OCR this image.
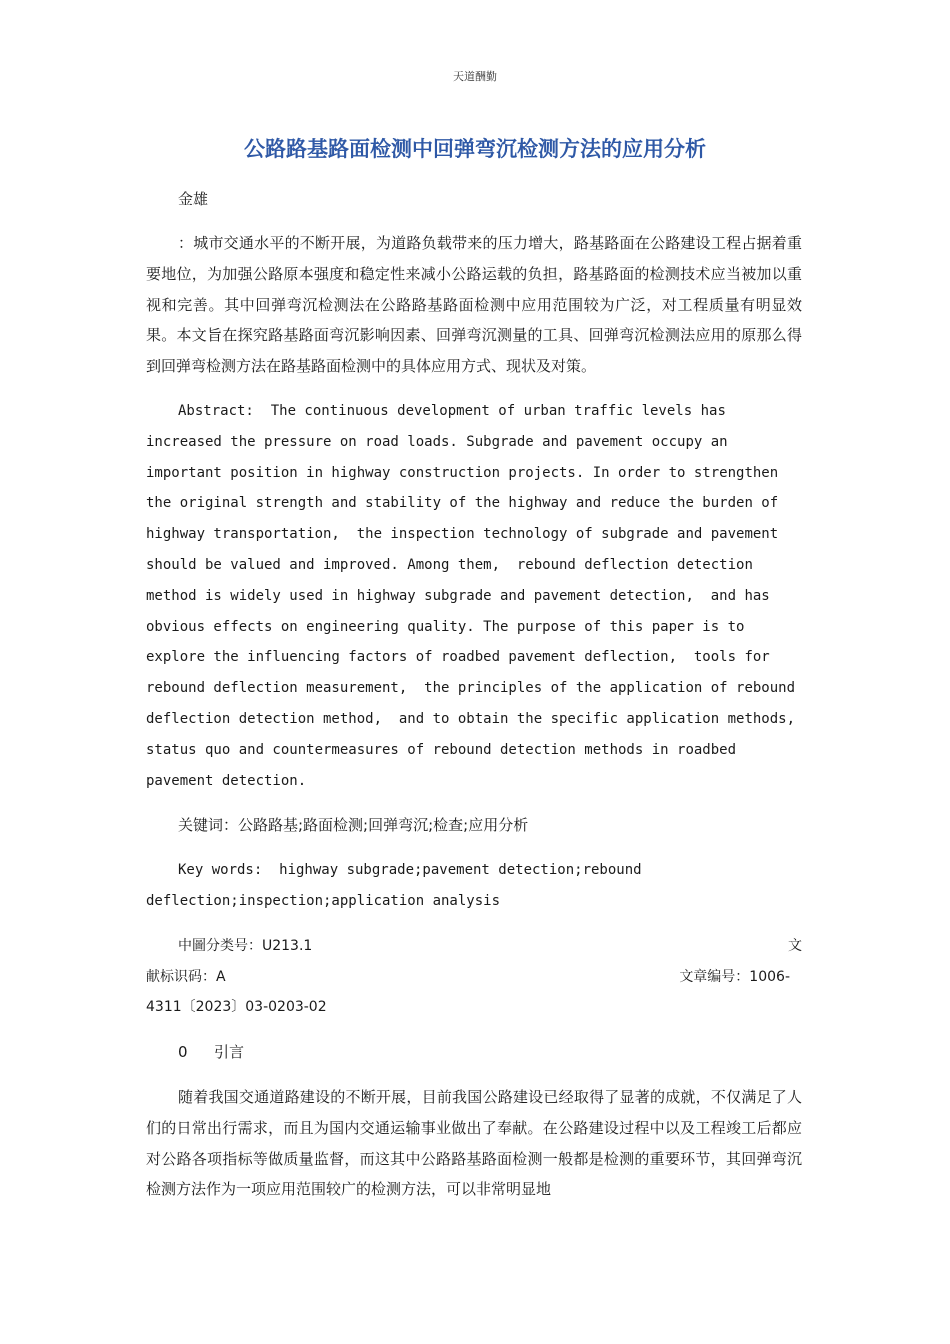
天道酬勤
公路路基路面检测中回弹弯沉检测方法的应用分析

金雄

：城市交通水平的不断开展，为道路负载带来的压力增大，路基路面在公路建设工程占据着重要地位，为加强公路原本强度和稳定性来减小公路运载的负担，路基路面的检测技术应当被加以重视和完善。其中回弹弯沉检测法在公路路基路面检测中应用范围较为广泛，对工程质量有明显效果。本文旨在探究路基路面弯沉影响因素、回弹弯沉测量的工具、回弹弯沉检测法应用的原那么得到回弹弯检测方法在路基路面检测中的具体应用方式、现状及对策。

Abstract:  The continuous development of urban traffic levels has increased the pressure on road loads. Subgrade and pavement occupy an important position in highway construction projects. In order to strengthen the original strength and stability of the highway and reduce the burden of highway transportation,  the inspection technology of subgrade and pavement should be valued and improved. Among them,  rebound deflection detection method is widely used in highway subgrade and pavement detection,  and has obvious effects on engineering quality. The purpose of this paper is to explore the influencing factors of roadbed pavement deflection,  tools for rebound deflection measurement,  the principles of the application of rebound deflection detection method,  and to obtain the specific application methods, status quo and countermeasures of rebound detection methods in roadbed pavement detection.

关键词：公路路基;路面检测;回弹弯沉;检查;应用分析

Key words:  highway subgrade;pavement detection;rebound deflection;inspection;application analysis

中圖分类号：U213.1	文
献标识码：A	文章编号：1006-
4311〔2023〕03-0203-02

0 引言

随着我国交通道路建设的不断开展，目前我国公路建设已经取得了显著的成就，不仅满足了人们的日常出行需求，而且为国内交通运输事业做出了奉献。在公路建设过程中以及工程竣工后都应对公路各项指标等做质量监督，而这其中公路路基路面检测一般都是检测的重要环节，其回弹弯沉检测方法作为一项应用范围较广的检测方法，可以非常明显地
